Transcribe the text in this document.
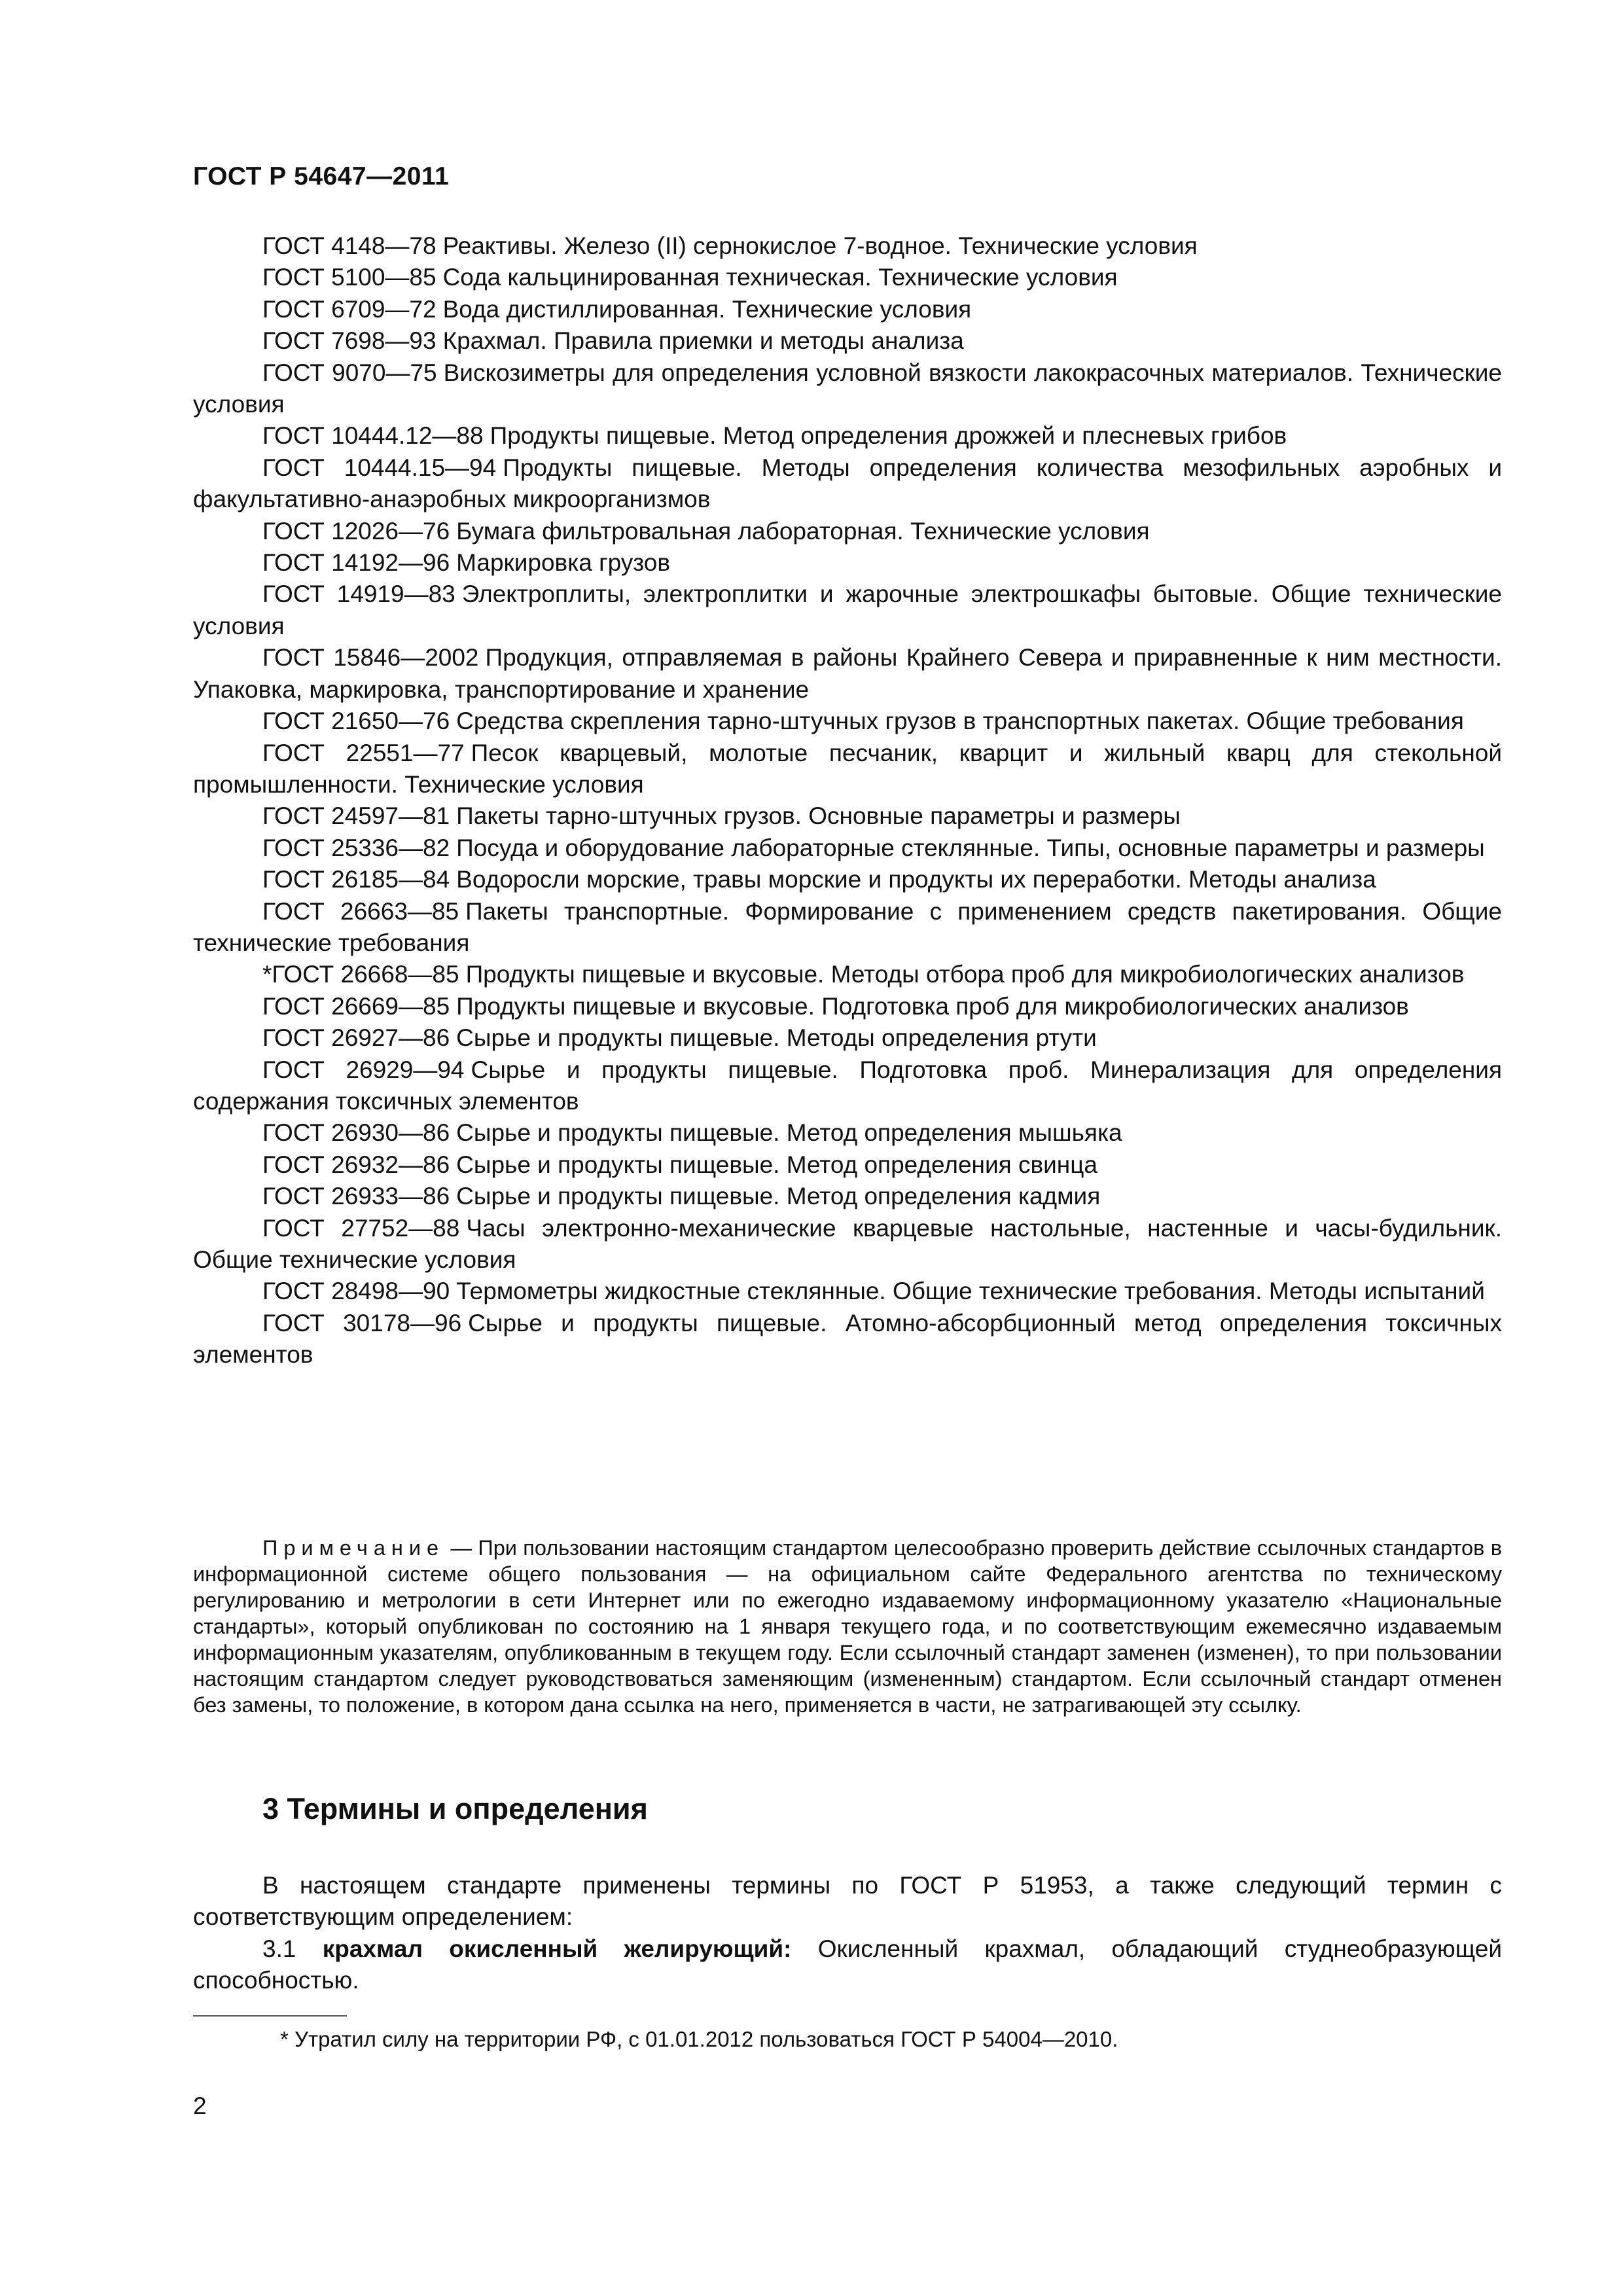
ГОСТ Р 54647—2011

ГОСТ 4148—78 Реактивы. Железо (II) сернокислое 7-водное. Технические условия

ГОСТ 5100—85 Сода кальцинированная техническая. Технические условия

ГОСТ 6709—72 Вода дистиллированная. Технические условия

ГОСТ 7698—93 Крахмал. Правила приемки и методы анализа

ГОСТ 9070—75 Вискозиметры для определения условной вязкости лакокрасочных материалов. Технические условия

ГОСТ 10444.12—88 Продукты пищевые. Метод определения дрожжей и плесневых грибов

ГОСТ 10444.15—94 Продукты пищевые. Методы определения количества мезофильных аэробных и факультативно-анаэробных микроорганизмов

ГОСТ 12026—76 Бумага фильтровальная лабораторная. Технические условия

ГОСТ 14192—96 Маркировка грузов

ГОСТ 14919—83 Электроплиты, электроплитки и жарочные электрошкафы бытовые. Общие технические условия

ГОСТ 15846—2002 Продукция, отправляемая в районы Крайнего Севера и приравненные к ним местности. Упаковка, маркировка, транспортирование и хранение

ГОСТ 21650—76 Средства скрепления тарно-штучных грузов в транспортных пакетах. Общие требования

ГОСТ 22551—77 Песок кварцевый, молотые песчаник, кварцит и жильный кварц для стекольной промышленности. Технические условия

ГОСТ 24597—81 Пакеты тарно-штучных грузов. Основные параметры и размеры

ГОСТ 25336—82 Посуда и оборудование лабораторные стеклянные. Типы, основные параметры и размеры

ГОСТ 26185—84 Водоросли морские, травы морские и продукты их переработки. Методы анализа

ГОСТ 26663—85 Пакеты транспортные. Формирование с применением средств пакетирования. Общие технические требования

*ГОСТ 26668—85 Продукты пищевые и вкусовые. Методы отбора проб для микробиологических анализов

ГОСТ 26669—85 Продукты пищевые и вкусовые. Подготовка проб для микробиологических анализов

ГОСТ 26927—86 Сырье и продукты пищевые. Методы определения ртути

ГОСТ 26929—94 Сырье и продукты пищевые. Подготовка проб. Минерализация для определения содержания токсичных элементов

ГОСТ 26930—86 Сырье и продукты пищевые. Метод определения мышьяка

ГОСТ 26932—86 Сырье и продукты пищевые. Метод определения свинца

ГОСТ 26933—86 Сырье и продукты пищевые. Метод определения кадмия

ГОСТ 27752—88 Часы электронно-механические кварцевые настольные, настенные и часы-будильник. Общие технические условия

ГОСТ 28498—90 Термометры жидкостные стеклянные. Общие технические требования. Методы испытаний

ГОСТ 30178—96 Сырье и продукты пищевые. Атомно-абсорбционный метод определения токсичных элементов

Примечание — При пользовании настоящим стандартом целесообразно проверить действие ссылочных стандартов в информационной системе общего пользования — на официальном сайте Федерального агентства по техническому регулированию и метрологии в сети Интернет или по ежегодно издаваемому информационному указателю «Национальные стандарты», который опубликован по состоянию на 1 января текущего года, и по соответствующим ежемесячно издаваемым информационным указателям, опубликованным в текущем году. Если ссылочный стандарт заменен (изменен), то при пользовании настоящим стандартом следует руководствоваться заменяющим (измененным) стандартом. Если ссылочный стандарт отменен без замены, то положение, в котором дана ссылка на него, применяется в части, не затрагивающей эту ссылку.
3 Термины и определения

В настоящем стандарте применены термины по ГОСТ Р 51953, а также следующий термин с соответствующим определением:

3.1 крахмал окисленный желирующий: Окисленный крахмал, обладающий студнеобразующей способностью.

* Утратил силу на территории РФ, с 01.01.2012 пользоваться ГОСТ Р 54004—2010.
2
